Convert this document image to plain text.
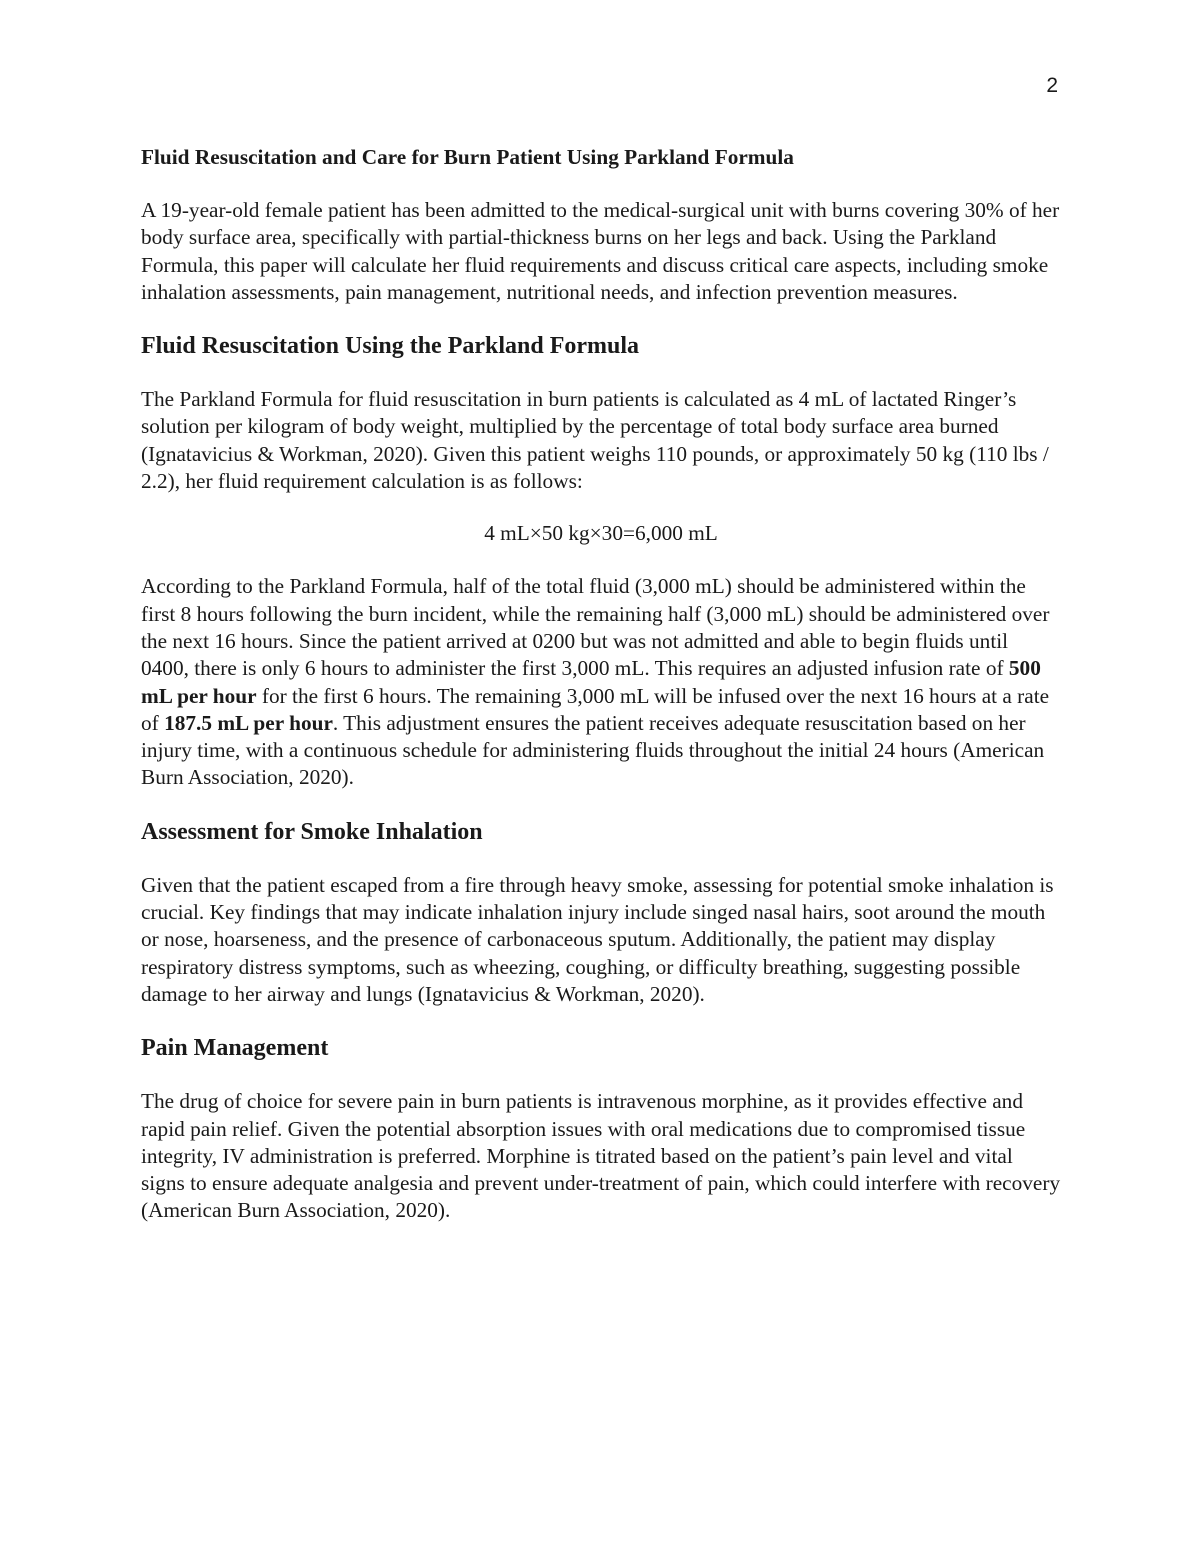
2
Fluid Resuscitation and Care for Burn Patient Using Parkland Formula

A 19-year-old female patient has been admitted to the medical-surgical unit with burns covering 30% of her body surface area, specifically with partial-thickness burns on her legs and back. Using the Parkland Formula, this paper will calculate her fluid requirements and discuss critical care aspects, including smoke inhalation assessments, pain management, nutritional needs, and infection prevention measures.

Fluid Resuscitation Using the Parkland Formula

The Parkland Formula for fluid resuscitation in burn patients is calculated as 4 mL of lactated Ringer’s solution per kilogram of body weight, multiplied by the percentage of total body surface area burned (Ignatavicius & Workman, 2020). Given this patient weighs 110 pounds, or approximately 50 kg (110 lbs / 2.2), her fluid requirement calculation is as follows:

4 mL×50 kg×30=6,000 mL

According to the Parkland Formula, half of the total fluid (3,000 mL) should be administered within the first 8 hours following the burn incident, while the remaining half (3,000 mL) should be administered over the next 16 hours. Since the patient arrived at 0200 but was not admitted and able to begin fluids until 0400, there is only 6 hours to administer the first 3,000 mL. This requires an adjusted infusion rate of 500 mL per hour for the first 6 hours. The remaining 3,000 mL will be infused over the next 16 hours at a rate of 187.5 mL per hour. This adjustment ensures the patient receives adequate resuscitation based on her injury time, with a continuous schedule for administering fluids throughout the initial 24 hours (American Burn Association, 2020).

Assessment for Smoke Inhalation

Given that the patient escaped from a fire through heavy smoke, assessing for potential smoke inhalation is crucial. Key findings that may indicate inhalation injury include singed nasal hairs, soot around the mouth or nose, hoarseness, and the presence of carbonaceous sputum. Additionally, the patient may display respiratory distress symptoms, such as wheezing, coughing, or difficulty breathing, suggesting possible damage to her airway and lungs (Ignatavicius & Workman, 2020).

Pain Management

The drug of choice for severe pain in burn patients is intravenous morphine, as it provides effective and rapid pain relief. Given the potential absorption issues with oral medications due to compromised tissue integrity, IV administration is preferred. Morphine is titrated based on the patient’s pain level and vital signs to ensure adequate analgesia and prevent under-treatment of pain, which could interfere with recovery (American Burn Association, 2020).
